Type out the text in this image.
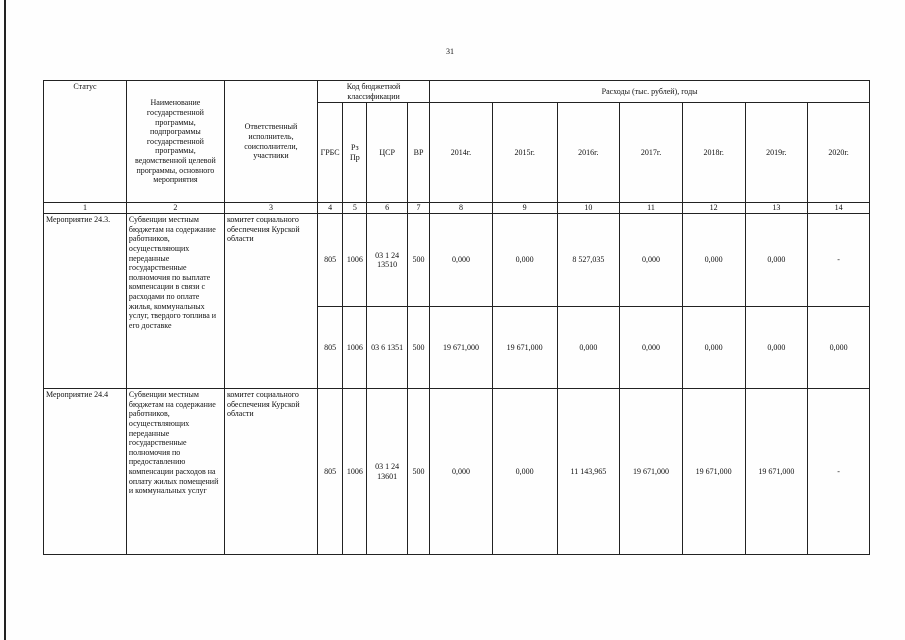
31
Статус	Наименование государственной программы, подпрограммы государственной программы, ведомственной целевой программы, основного мероприятия	Ответственный исполнитель, соисполнители, участники	Код бюджетной классификации				Расходы (тыс. рублей), годы						
			ГРБС	Рз Пр	ЦСР	ВР	2014г.	2015г.	2016г.	2017г.	2018г.	2019г.	2020г.
1	2	3	4	5	6	7	8	9	10	11	12	13	14
Мероприятие 24.3.	Субвенции местным бюджетам на содержание работников, осуществляющих переданные государственные полномочия по выплате компенсации в связи с расходами по оплате жилья, коммунальных услуг, твердого топлива и его доставке	комитет социального обеспечения Курской области	805	1006	03 1 24 13510	500	0,000	0,000	8 527,035	0,000	0,000	0,000	-
			805	1006	03 6 1351	500	19 671,000	19 671,000	0,000	0,000	0,000	0,000	0,000
Мероприятие 24.4	Субвенции местным бюджетам на содержание работников, осуществляющих переданные государственные полномочия по предоставлению компенсации расходов на оплату жилых помещений и коммунальных услуг	комитет социального обеспечения Курской области	805	1006	03 1 24 13601	500	0,000	0,000	11 143,965	19 671,000	19 671,000	19 671,000	-
